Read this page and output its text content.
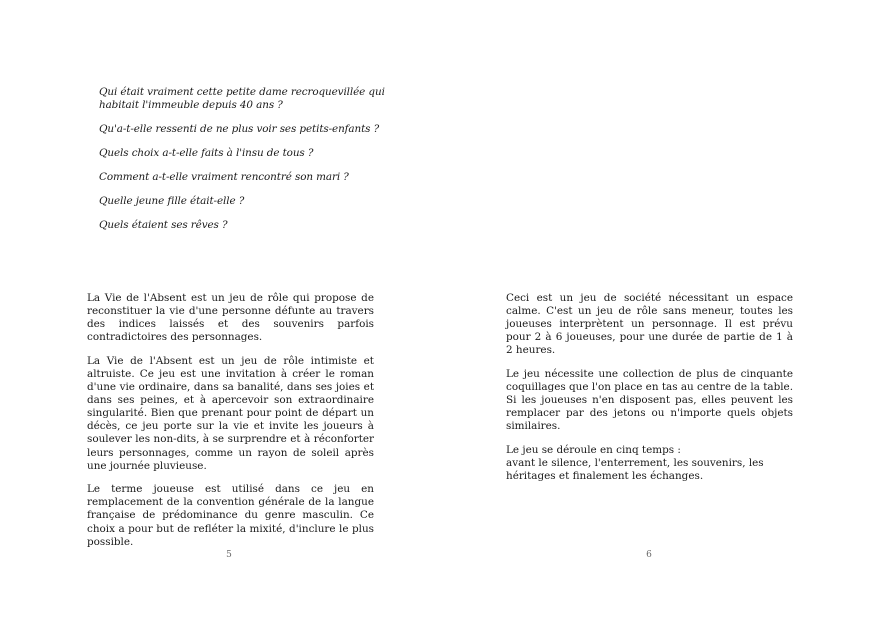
Qui était vraiment cette petite dame recroquevillée qui habitait l'immeuble depuis 40 ans ?

Qu'a-t-elle ressenti de ne plus voir ses petits-enfants ?

Quels choix a-t-elle faits à l'insu de tous ?

Comment a-t-elle vraiment rencontré son mari ?

Quelle jeune fille était-elle ?

Quels étaient ses rêves ?

La Vie de l'Absent est un jeu de rôle qui propose de reconstituer la vie d'une personne défunte au travers des indices laissés et des souvenirs parfois contradictoires des personnages.

La Vie de l'Absent est un jeu de rôle intimiste et altruiste. Ce jeu est une invitation à créer le roman d'une vie ordinaire, dans sa banalité, dans ses joies et dans ses peines, et à apercevoir son extraordinaire singularité. Bien que prenant pour point de départ un décès, ce jeu porte sur la vie et invite les joueurs à soulever les non-dits, à se surprendre et à réconforter leurs personnages, comme un rayon de soleil après une journée pluvieuse.

Le terme joueuse est utilisé dans ce jeu en remplacement de la convention générale de la langue française de prédominance du genre masculin. Ce choix a pour but de refléter la mixité, d'inclure le plus possible.

5

Ceci est un jeu de société nécessitant un espace calme. C'est un jeu de rôle sans meneur, toutes les joueuses interprètent un personnage. Il est prévu pour 2 à 6 joueuses, pour une durée de partie de 1 à 2 heures.

Le jeu nécessite une collection de plus de cinquante coquillages que l'on place en tas au centre de la table. Si les joueuses n'en disposent pas, elles peuvent les remplacer par des jetons ou n'importe quels objets similaires.

Le jeu se déroule en cinq temps :
avant le silence, l'enterrement, les souvenirs, les héritages et finalement les échanges.

6
